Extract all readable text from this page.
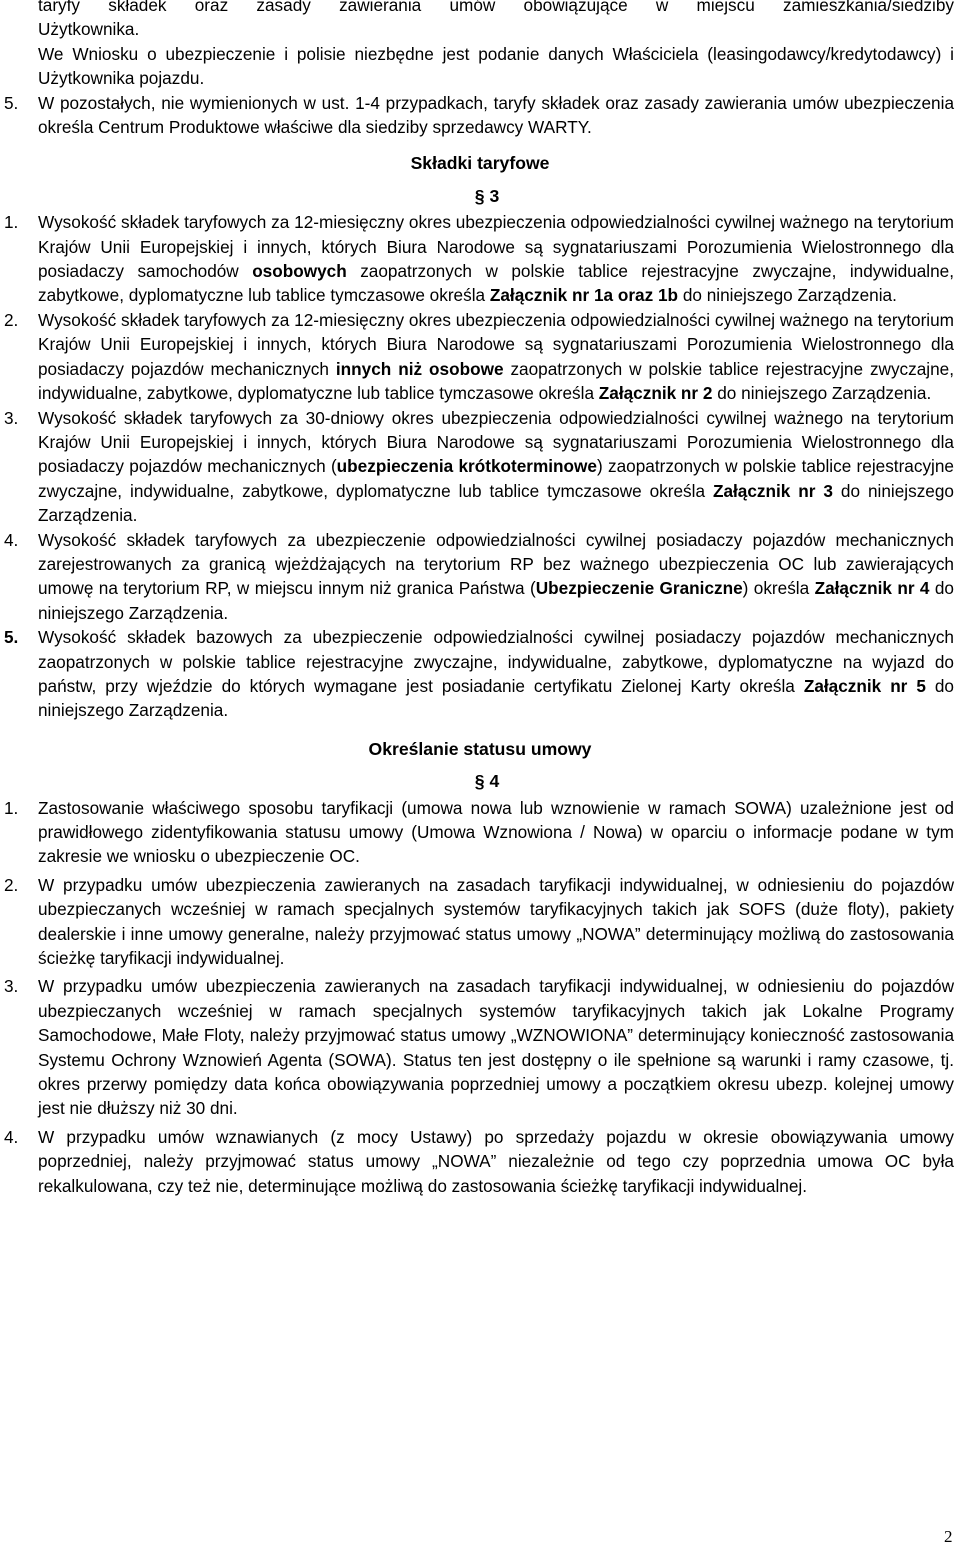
taryfy składek oraz zasady zawierania umów obowiązujące w miejscu zamieszkania/siedziby
Użytkownika.
We Wniosku o ubezpieczenie i polisie niezbędne jest podanie danych Właściciela (leasingodawcy/kredytodawcy) i Użytkownika pojazdu.
5.	W pozostałych, nie wymienionych w ust. 1-4 przypadkach, taryfy składek oraz zasady zawierania umów ubezpieczenia określa Centrum Produktowe właściwe dla siedziby sprzedawcy WARTY.
Składki taryfowe
§ 3
1.	Wysokość składek taryfowych za 12-miesięczny okres ubezpieczenia odpowiedzialności cywilnej ważnego na terytorium Krajów Unii Europejskiej i innych, których Biura Narodowe są sygnatariuszami Porozumienia Wielostronnego dla posiadaczy samochodów osobowych zaopatrzonych w polskie tablice rejestracyjne zwyczajne, indywidualne, zabytkowe, dyplomatyczne lub tablice tymczasowe określa Załącznik nr 1a oraz 1b do niniejszego Zarządzenia.
2.	Wysokość składek taryfowych za 12-miesięczny okres ubezpieczenia odpowiedzialności cywilnej ważnego na terytorium Krajów Unii Europejskiej i innych, których Biura Narodowe są sygnatariuszami Porozumienia Wielostronnego dla posiadaczy pojazdów mechanicznych innych niż osobowe zaopatrzonych w polskie tablice rejestracyjne zwyczajne, indywidualne, zabytkowe, dyplomatyczne lub tablice tymczasowe określa Załącznik nr 2 do niniejszego Zarządzenia.
3.	Wysokość składek taryfowych za 30-dniowy okres ubezpieczenia odpowiedzialności cywilnej ważnego na terytorium Krajów Unii Europejskiej i innych, których Biura Narodowe są sygnatariuszami Porozumienia Wielostronnego dla posiadaczy pojazdów mechanicznych (ubezpieczenia krótkoterminowe) zaopatrzonych w polskie tablice rejestracyjne zwyczajne, indywidualne, zabytkowe, dyplomatyczne lub tablice tymczasowe określa Załącznik nr 3 do niniejszego Zarządzenia.
4.	Wysokość składek taryfowych za ubezpieczenie odpowiedzialności cywilnej posiadaczy pojazdów mechanicznych zarejestrowanych za granicą wjeżdżających na terytorium RP bez ważnego ubezpieczenia OC lub zawierających umowę na terytorium RP, w miejscu innym niż granica Państwa (Ubezpieczenie Graniczne) określa Załącznik nr 4 do niniejszego Zarządzenia.
5.	Wysokość składek bazowych za ubezpieczenie odpowiedzialności cywilnej posiadaczy pojazdów mechanicznych zaopatrzonych w polskie tablice rejestracyjne zwyczajne, indywidualne, zabytkowe, dyplomatyczne na wyjazd do państw, przy wjeździe do których wymagane jest posiadanie certyfikatu Zielonej Karty określa Załącznik nr 5 do niniejszego Zarządzenia.
Określanie statusu umowy
§ 4
1.	Zastosowanie właściwego sposobu taryfikacji (umowa nowa lub wznowienie w ramach SOWA) uzależnione jest od prawidłowego zidentyfikowania statusu umowy (Umowa Wznowiona / Nowa) w oparciu o informacje podane w tym zakresie we wniosku o ubezpieczenie OC.
2.	W przypadku umów ubezpieczenia zawieranych na zasadach taryfikacji indywidualnej, w odniesieniu do pojazdów ubezpieczanych wcześniej w ramach specjalnych systemów taryfikacyjnych takich jak SOFS (duże floty), pakiety dealerskie i inne umowy generalne, należy przyjmować status umowy „NOWA” determinujący możliwą do zastosowania ścieżkę taryfikacji indywidualnej.
3.	W przypadku umów ubezpieczenia zawieranych na zasadach taryfikacji indywidualnej, w odniesieniu do pojazdów ubezpieczanych wcześniej w ramach specjalnych systemów taryfikacyjnych takich jak Lokalne Programy Samochodowe, Małe Floty, należy przyjmować status umowy „WZNOWIONA” determinujący konieczność zastosowania Systemu Ochrony Wznowień Agenta (SOWA). Status ten jest dostępny o ile spełnione są warunki i ramy czasowe, tj. okres przerwy pomiędzy data końca obowiązywania poprzedniej umowy a początkiem okresu ubezp. kolejnej umowy jest nie dłuższy niż 30 dni.
4.	W przypadku umów wznawianych (z mocy Ustawy) po sprzedaży pojazdu w okresie obowiązywania umowy poprzedniej, należy przyjmować status umowy „NOWA” niezależnie od tego czy poprzednia umowa OC była rekalkulowana, czy też nie, determinujące możliwą do zastosowania ścieżkę taryfikacji indywidualnej.
2
